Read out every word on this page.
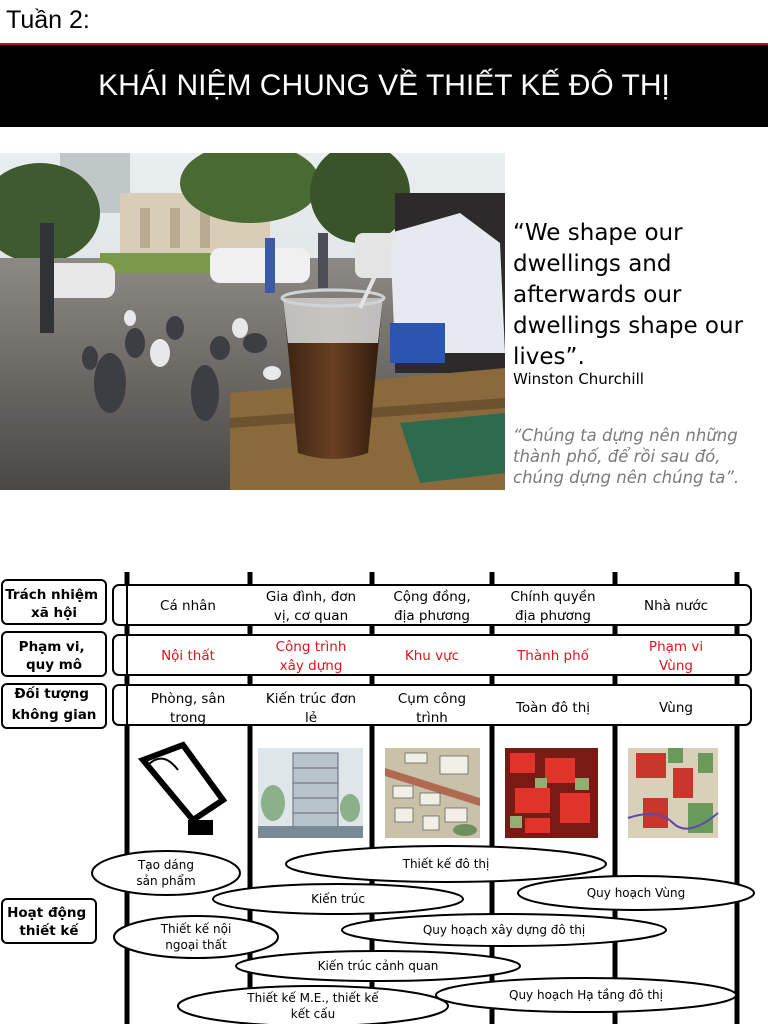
Tuần 2:
KHÁI NIỆM CHUNG VỀ THIẾT KẾ ĐÔ THỊ
“We shape our dwellings and afterwards our dwellings shape our lives”.
Winston Churchill
“Chúng ta dựng nên những thành phố, để rồi sau đó, chúng dựng nên chúng ta”.
Trách nhiệm xã hội
Phạm vi, quy mô
Đối tượng không gian
Hoạt động thiết kế
Cá nhân
Gia đình, đơn vị, cơ quan
Cộng đồng, địa phương
Chính quyền địa phương
Nhà nước
Nội thất
Công trình xây dựng
Khu vực	Thành phố
Phạm vi Vùng
Phòng, sân trong
Kiến trúc đơn lẻ
Cụm công trình
Toàn đô thị	Vùng
Tạo dáng sản phẩm
Thiết kế đô thị
Quy hoạch Vùng
Kiến trúc
Thiết kế nội ngoại thất
Quy hoạch xây dựng đô thị
Kiến trúc cảnh quan
Thiết kế M.E., thiết kế kết cấu
Quy hoạch Hạ tầng đô thị
